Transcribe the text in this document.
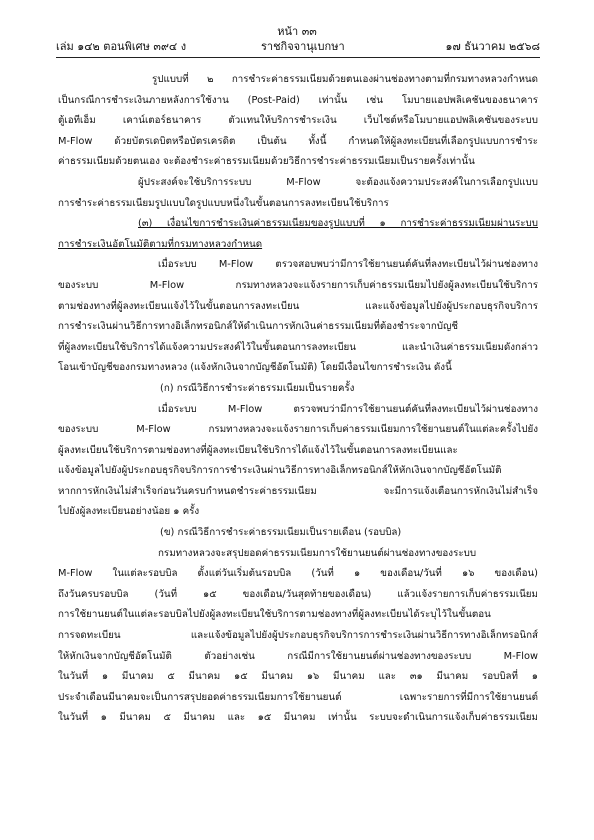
หน้า ๓๓
เล่ม ๑๔๒ ตอนพิเศษ ๓๙๔ ง	ราชกิจจานุเบกษา	๑๗ ธันวาคม ๒๕๖๘
รูปแบบที่ ๒ การชำระค่าธรรมเนียมด้วยตนเองผ่านช่องทางตามที่กรมทางหลวงกำหนด
เป็นกรณีการชำระเงินภายหลังการใช้งาน (Post-Paid) เท่านั้น เช่น โมบายแอปพลิเคชันของธนาคาร
ตู้เอทีเอ็ม เคาน์เตอร์ธนาคาร ตัวแทนให้บริการชำระเงิน เว็บไซต์หรือโมบายแอปพลิเคชันของระบบ
M-Flow ด้วยบัตรเดบิตหรือบัตรเครดิต เป็นต้น ทั้งนี้ กำหนดให้ผู้ลงทะเบียนที่เลือกรูปแบบการชำระ
ค่าธรรมเนียมด้วยตนเอง จะต้องชำระค่าธรรมเนียมด้วยวิธีการชำระค่าธรรมเนียมเป็นรายครั้งเท่านั้น
ผู้ประสงค์จะใช้บริการระบบ M-Flow จะต้องแจ้งความประสงค์ในการเลือกรูปแบบ
การชำระค่าธรรมเนียมรูปแบบใดรูปแบบหนึ่งในขั้นตอนการลงทะเบียนใช้บริการ
(๓) เงื่อนไขการชำระเงินค่าธรรมเนียมของรูปแบบที่ ๑ การชำระค่าธรรมเนียมผ่านระบบ
การชำระเงินอัตโนมัติตามที่กรมทางหลวงกำหนด
เมื่อระบบ M-Flow ตรวจสอบพบว่ามีการใช้ยานยนต์คันที่ลงทะเบียนไว้ผ่านช่องทาง
ของระบบ M-Flow กรมทางหลวงจะแจ้งรายการเก็บค่าธรรมเนียมไปยังผู้ลงทะเบียนใช้บริการ
ตามช่องทางที่ผู้ลงทะเบียนแจ้งไว้ในขั้นตอนการลงทะเบียน และแจ้งข้อมูลไปยังผู้ประกอบธุรกิจบริการ
การชำระเงินผ่านวิธีการทางอิเล็กทรอนิกส์ให้ดำเนินการหักเงินค่าธรรมเนียมที่ต้องชำระจากบัญชี
ที่ผู้ลงทะเบียนใช้บริการได้แจ้งความประสงค์ไว้ในขั้นตอนการลงทะเบียน และนำเงินค่าธรรมเนียมดังกล่าว
โอนเข้าบัญชีของกรมทางหลวง (แจ้งหักเงินจากบัญชีอัตโนมัติ) โดยมีเงื่อนไขการชำระเงิน ดังนี้
(ก) กรณีวิธีการชำระค่าธรรมเนียมเป็นรายครั้ง
เมื่อระบบ M-Flow ตรวจพบว่ามีการใช้ยานยนต์คันที่ลงทะเบียนไว้ผ่านช่องทาง
ของระบบ M-Flow กรมทางหลวงจะแจ้งรายการเก็บค่าธรรมเนียมการใช้ยานยนต์ในแต่ละครั้งไปยัง
ผู้ลงทะเบียนใช้บริการตามช่องทางที่ผู้ลงทะเบียนใช้บริการได้แจ้งไว้ในขั้นตอนการลงทะเบียนและ
แจ้งข้อมูลไปยังผู้ประกอบธุรกิจบริการการชำระเงินผ่านวิธีการทางอิเล็กทรอนิกส์ให้หักเงินจากบัญชีอัตโนมัติ
หากการหักเงินไม่สำเร็จก่อนวันครบกำหนดชำระค่าธรรมเนียม จะมีการแจ้งเตือนการหักเงินไม่สำเร็จ
ไปยังผู้ลงทะเบียนอย่างน้อย ๑ ครั้ง
(ข) กรณีวิธีการชำระค่าธรรมเนียมเป็นรายเดือน (รอบบิล)
กรมทางหลวงจะสรุปยอดค่าธรรมเนียมการใช้ยานยนต์ผ่านช่องทางของระบบ
M-Flow ในแต่ละรอบบิล ตั้งแต่วันเริ่มต้นรอบบิล (วันที่ ๑ ของเดือน/วันที่ ๑๖ ของเดือน)
ถึงวันครบรอบบิล (วันที่ ๑๕ ของเดือน/วันสุดท้ายของเดือน) แล้วแจ้งรายการเก็บค่าธรรมเนียม
การใช้ยานยนต์ในแต่ละรอบบิลไปยังผู้ลงทะเบียนใช้บริการตามช่องทางที่ผู้ลงทะเบียนได้ระบุไว้ในขั้นตอน
การจดทะเบียน และแจ้งข้อมูลไปยังผู้ประกอบธุรกิจบริการการชำระเงินผ่านวิธีการทางอิเล็กทรอนิกส์
ให้หักเงินจากบัญชีอัตโนมัติ ตัวอย่างเช่น กรณีมีการใช้ยานยนต์ผ่านช่องทางของระบบ M-Flow
ในวันที่ ๑ มีนาคม ๕ มีนาคม ๑๕ มีนาคม ๑๖ มีนาคม และ ๓๑ มีนาคม รอบบิลที่ ๑
ประจำเดือนมีนาคมจะเป็นการสรุปยอดค่าธรรมเนียมการใช้ยานยนต์ เฉพาะรายการที่มีการใช้ยานยนต์
ในวันที่ ๑ มีนาคม ๕ มีนาคม และ ๑๕ มีนาคม เท่านั้น ระบบจะดำเนินการแจ้งเก็บค่าธรรมเนียม
